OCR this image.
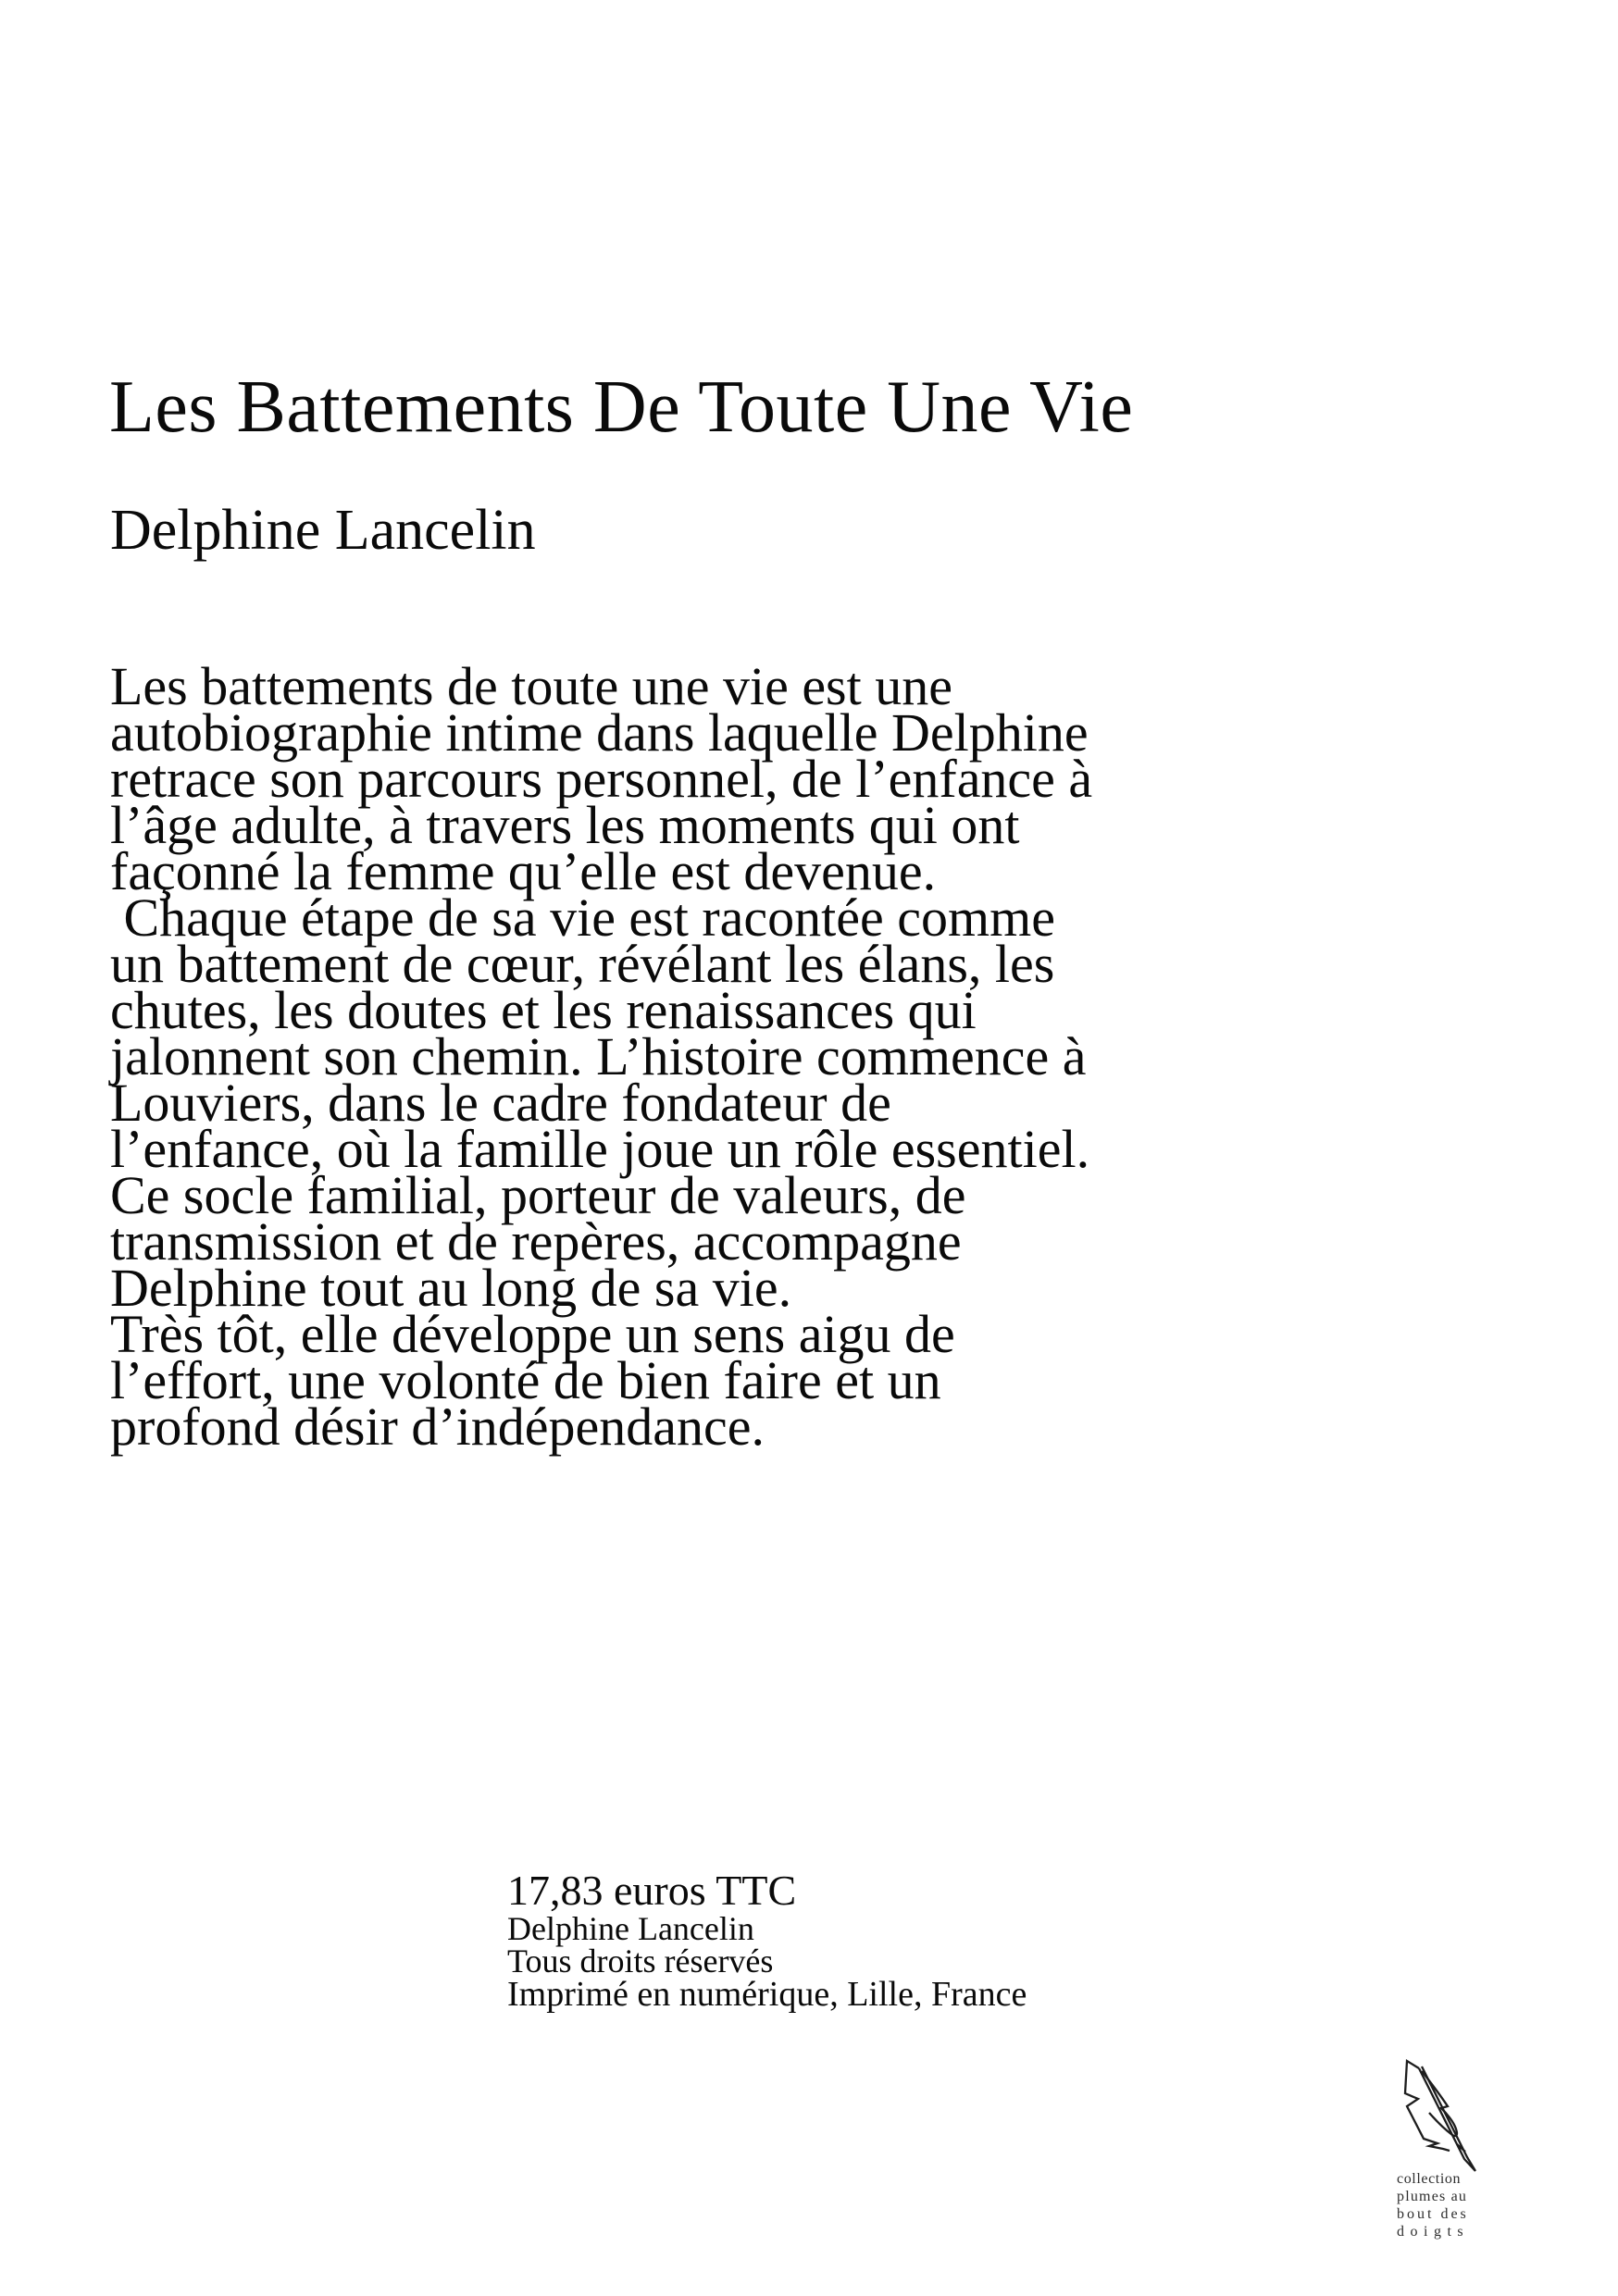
Les Battements De Toute Une Vie
Delphine Lancelin
Les battements de toute une vie est une
autobiographie intime dans laquelle Delphine
retrace son parcours personnel, de l’enfance à
l’âge adulte, à travers les moments qui ont
façonné la femme qu’elle est devenue.
Chaque étape de sa vie est racontée comme
un battement de cœur, révélant les élans, les
chutes, les doutes et les renaissances qui
jalonnent son chemin. L’histoire commence à
Louviers, dans le cadre fondateur de
l’enfance, où la famille joue un rôle essentiel.
Ce socle familial, porteur de valeurs, de
transmission et de repères, accompagne
Delphine tout au long de sa vie.
Très tôt, elle développe un sens aigu de
l’effort, une volonté de bien faire et un
profond désir d’indépendance.
17,83 euros TTC
Delphine Lancelin
Tous droits réservés
Imprimé en numérique, Lille, France
collection
plumes au
bout des
doigts
